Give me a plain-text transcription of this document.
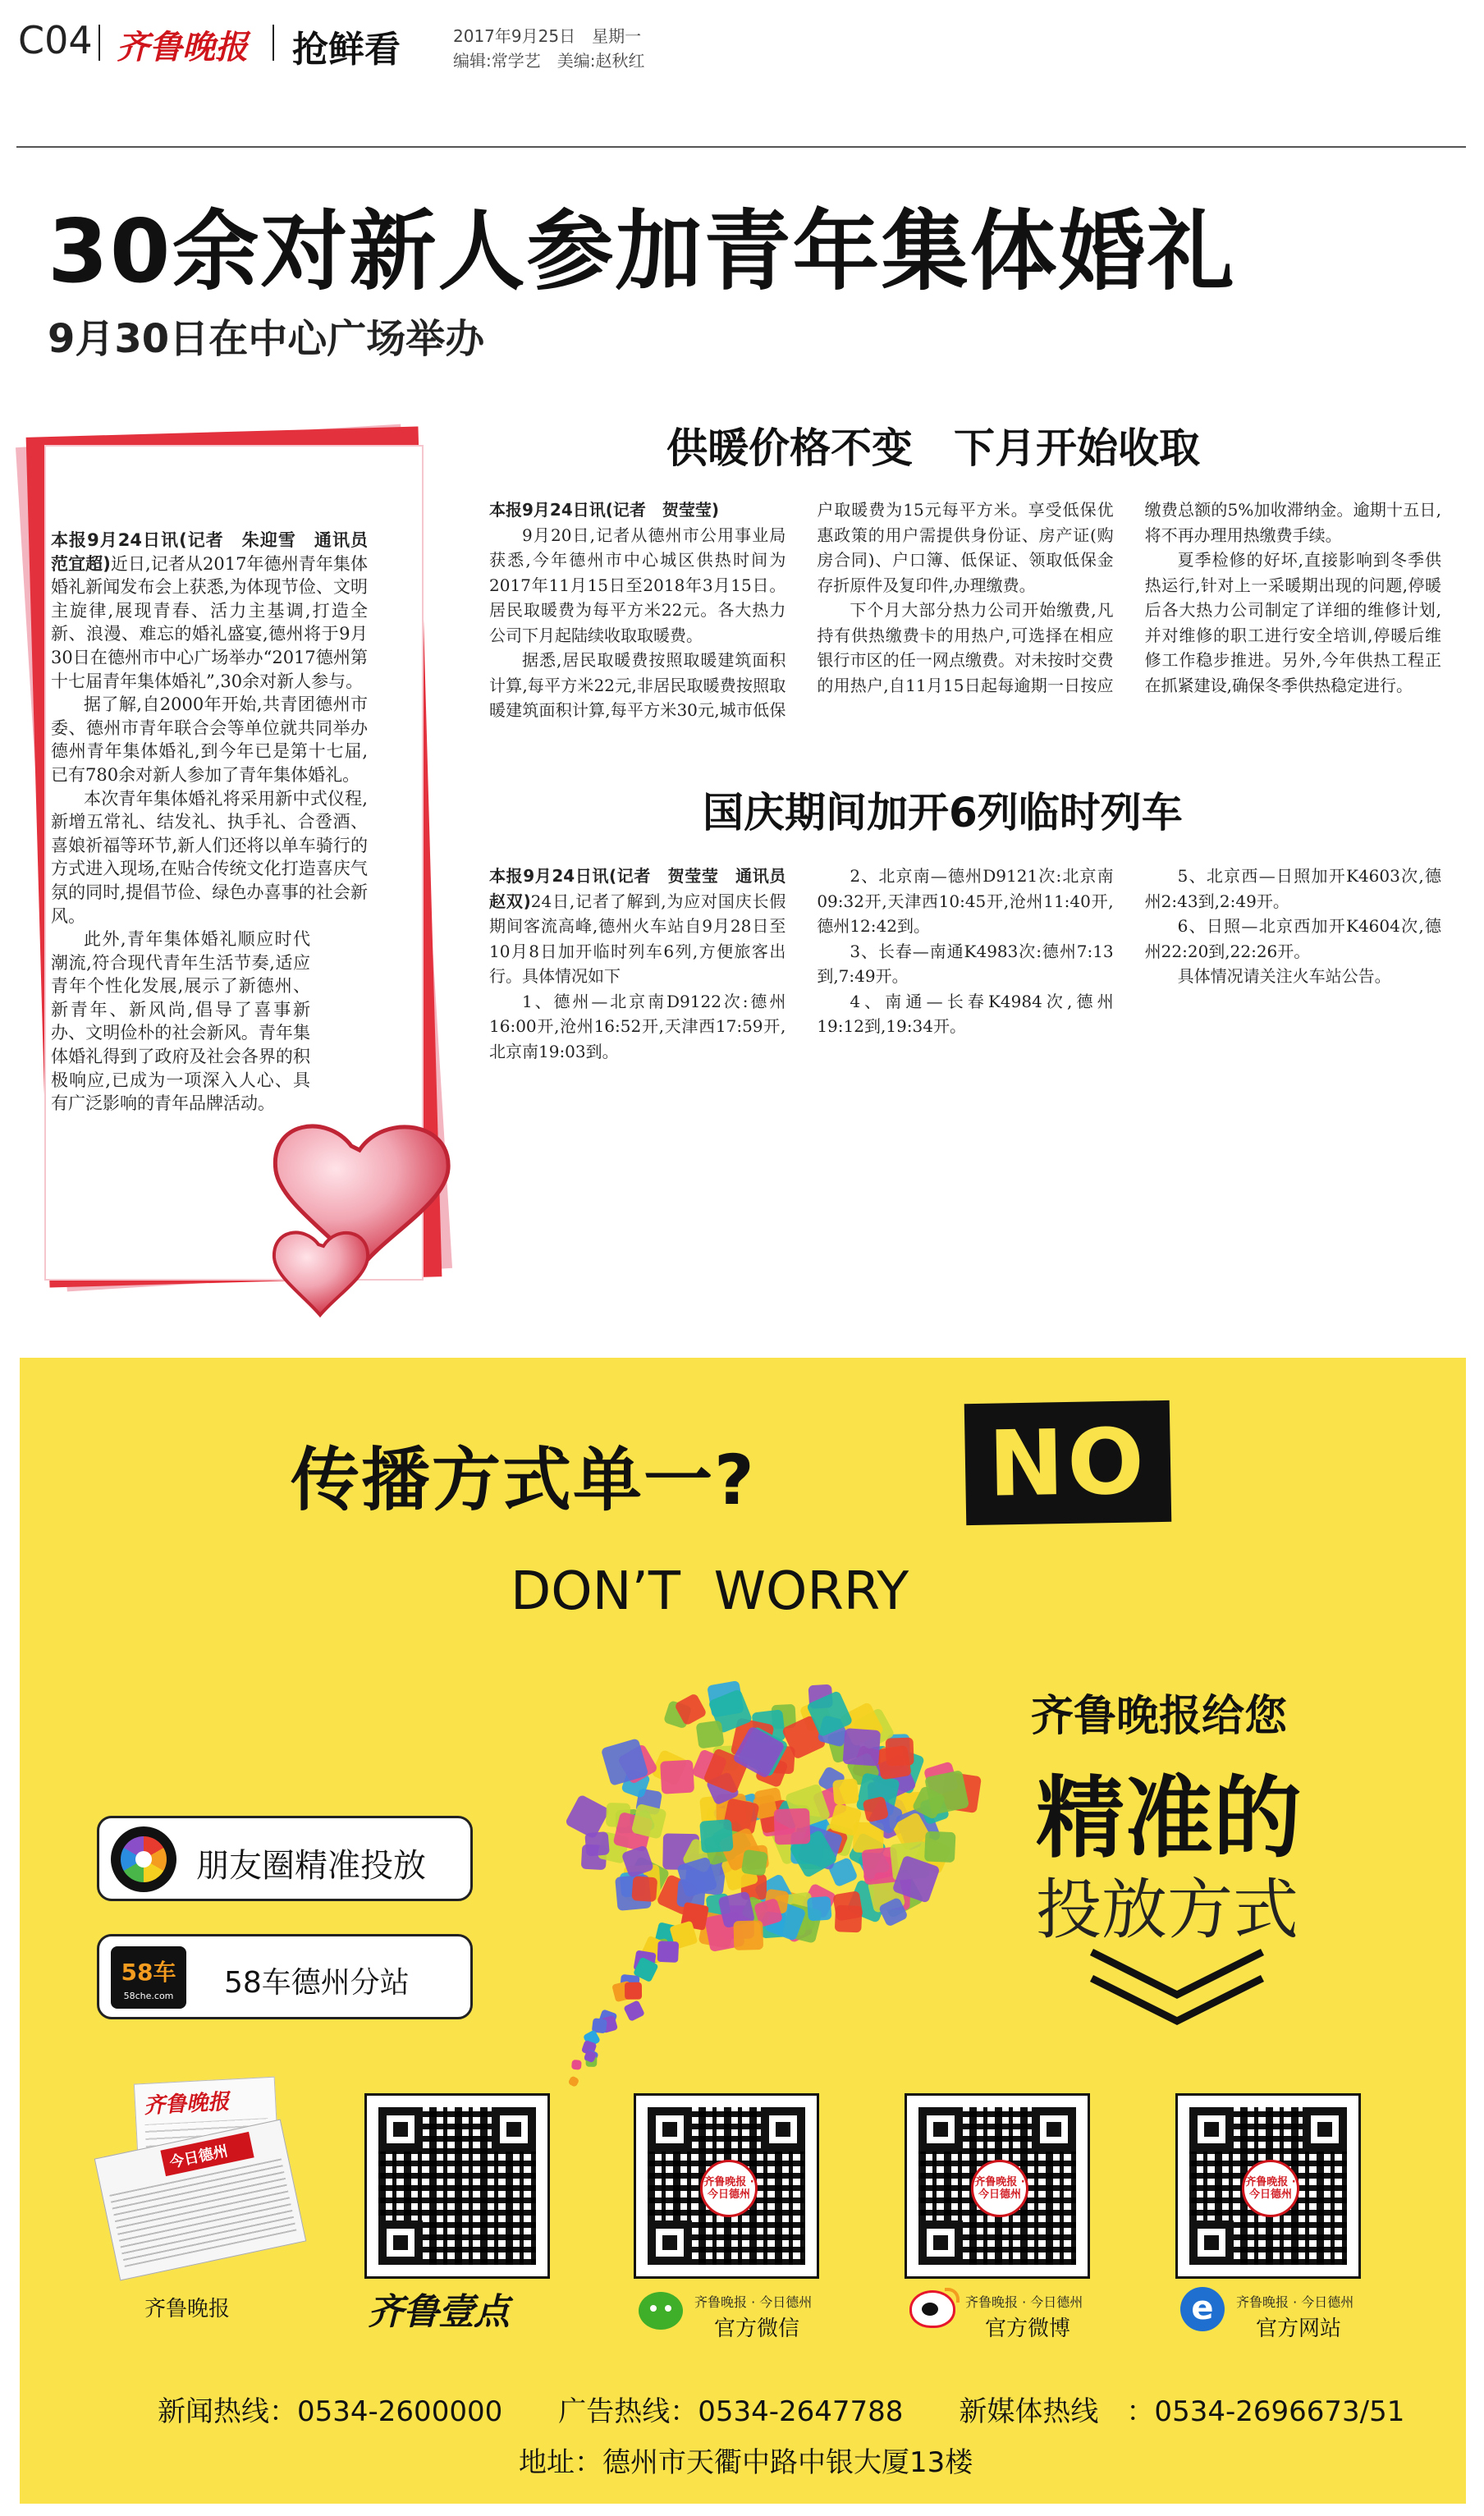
C04 齐鲁晚报 抢鲜看	2017年9月25日　星期一
编辑:常学艺　美编:赵秋红
30余对新人参加青年集体婚礼
9月30日在中心广场举办

本报9月24日讯(记者　朱迎雪　通讯员　范宜超)近日,记者从2017年德州青年集体婚礼新闻发布会上获悉,为体现节俭、文明主旋律,展现青春、活力主基调,打造全新、浪漫、难忘的婚礼盛宴,德州将于9月30日在德州市中心广场举办“2017德州第十七届青年集体婚礼”,30余对新人参与。

据了解,自2000年开始,共青团德州市委、德州市青年联合会等单位就共同举办德州青年集体婚礼,到今年已是第十七届,已有780余对新人参加了青年集体婚礼。

本次青年集体婚礼将采用新中式仪程,新增五常礼、结发礼、执手礼、合卺酒、喜娘祈福等环节,新人们还将以单车骑行的方式进入现场,在贴合传统文化打造喜庆气氛的同时,提倡节俭、绿色办喜事的社会新风。

此外,青年集体婚礼顺应时代潮流,符合现代青年生活节奏,适应青年个性化发展,展示了新德州、新青年、新风尚,倡导了喜事新办、文明俭朴的社会新风。青年集体婚礼得到了政府及社会各界的积极响应,已成为一项深入人心、具有广泛影响的青年品牌活动。

供暖价格不变　下月开始收取

本报9月24日讯(记者　贺莹莹)

9月20日,记者从德州市公用事业局获悉,今年德州市中心城区供热时间为2017年11月15日至2018年3月15日。居民取暖费为每平方米22元。各大热力公司下月起陆续收取取暖费。

据悉,居民取暖费按照取暖建筑面积计算,每平方米22元,非居民取暖费按照取暖建筑面积计算,每平方米30元,城市低保户取暖费为15元每平方米。享受低保优惠政策的用户需提供身份证、房产证(购房合同)、户口簿、低保证、领取低保金存折原件及复印件,办理缴费。

下个月大部分热力公司开始缴费,凡持有供热缴费卡的用热户,可选择在相应银行市区的任一网点缴费。对未按时交费的用热户,自11月15日起每逾期一日按应缴费总额的5%加收滞纳金。逾期十五日,将不再办理用热缴费手续。

夏季检修的好坏,直接影响到冬季供热运行,针对上一采暖期出现的问题,停暖后各大热力公司制定了详细的维修计划,并对维修的职工进行安全培训,停暖后维修工作稳步推进。另外,今年供热工程正在抓紧建设,确保冬季供热稳定进行。

国庆期间加开6列临时列车

本报9月24日讯(记者　贺莹莹　通讯员　赵双)24日,记者了解到,为应对国庆长假期间客流高峰,德州火车站自9月28日至10月8日加开临时列车6列,方便旅客出行。具体情况如下

1、德州—北京南D9122次:德州16:00开,沧州16:52开,天津西17:59开,北京南19:03到。

2、北京南—德州D9121次:北京南09:32开,天津西10:45开,沧州11:40开,德州12:42到。

3、长春—南通K4983次:德州7:13到,7:49开。

4、南通—长春K4984次,德州19:12到,19:34开。

5、北京西—日照加开K4603次,德州2:43到,2:49开。

6、日照—北京西加开K4604次,德州22:20到,22:26开。

具体情况请关注火车站公告。

传播方式单一?	NO
DON’T  WORRY
齐鲁晚报给您
精准的
投放方式
朋友圈精准投放
58车
58che.com	58车德州分站
齐鲁晚报
今日德州
齐鲁晚报	齐鲁壹点
齐鲁晚报 · 今日德州
齐鲁晚报 · 今日德州
官方微信
齐鲁晚报 · 今日德州
齐鲁晚报 · 今日德州
官方微博
齐鲁晚报 · 今日德州
e	齐鲁晚报 · 今日德州
官方网站
新闻热线：0534-2600000　　广告热线：0534-2647788　　新媒体热线　：0534-2696673/51
地址：德州市天衢中路中银大厦13楼
